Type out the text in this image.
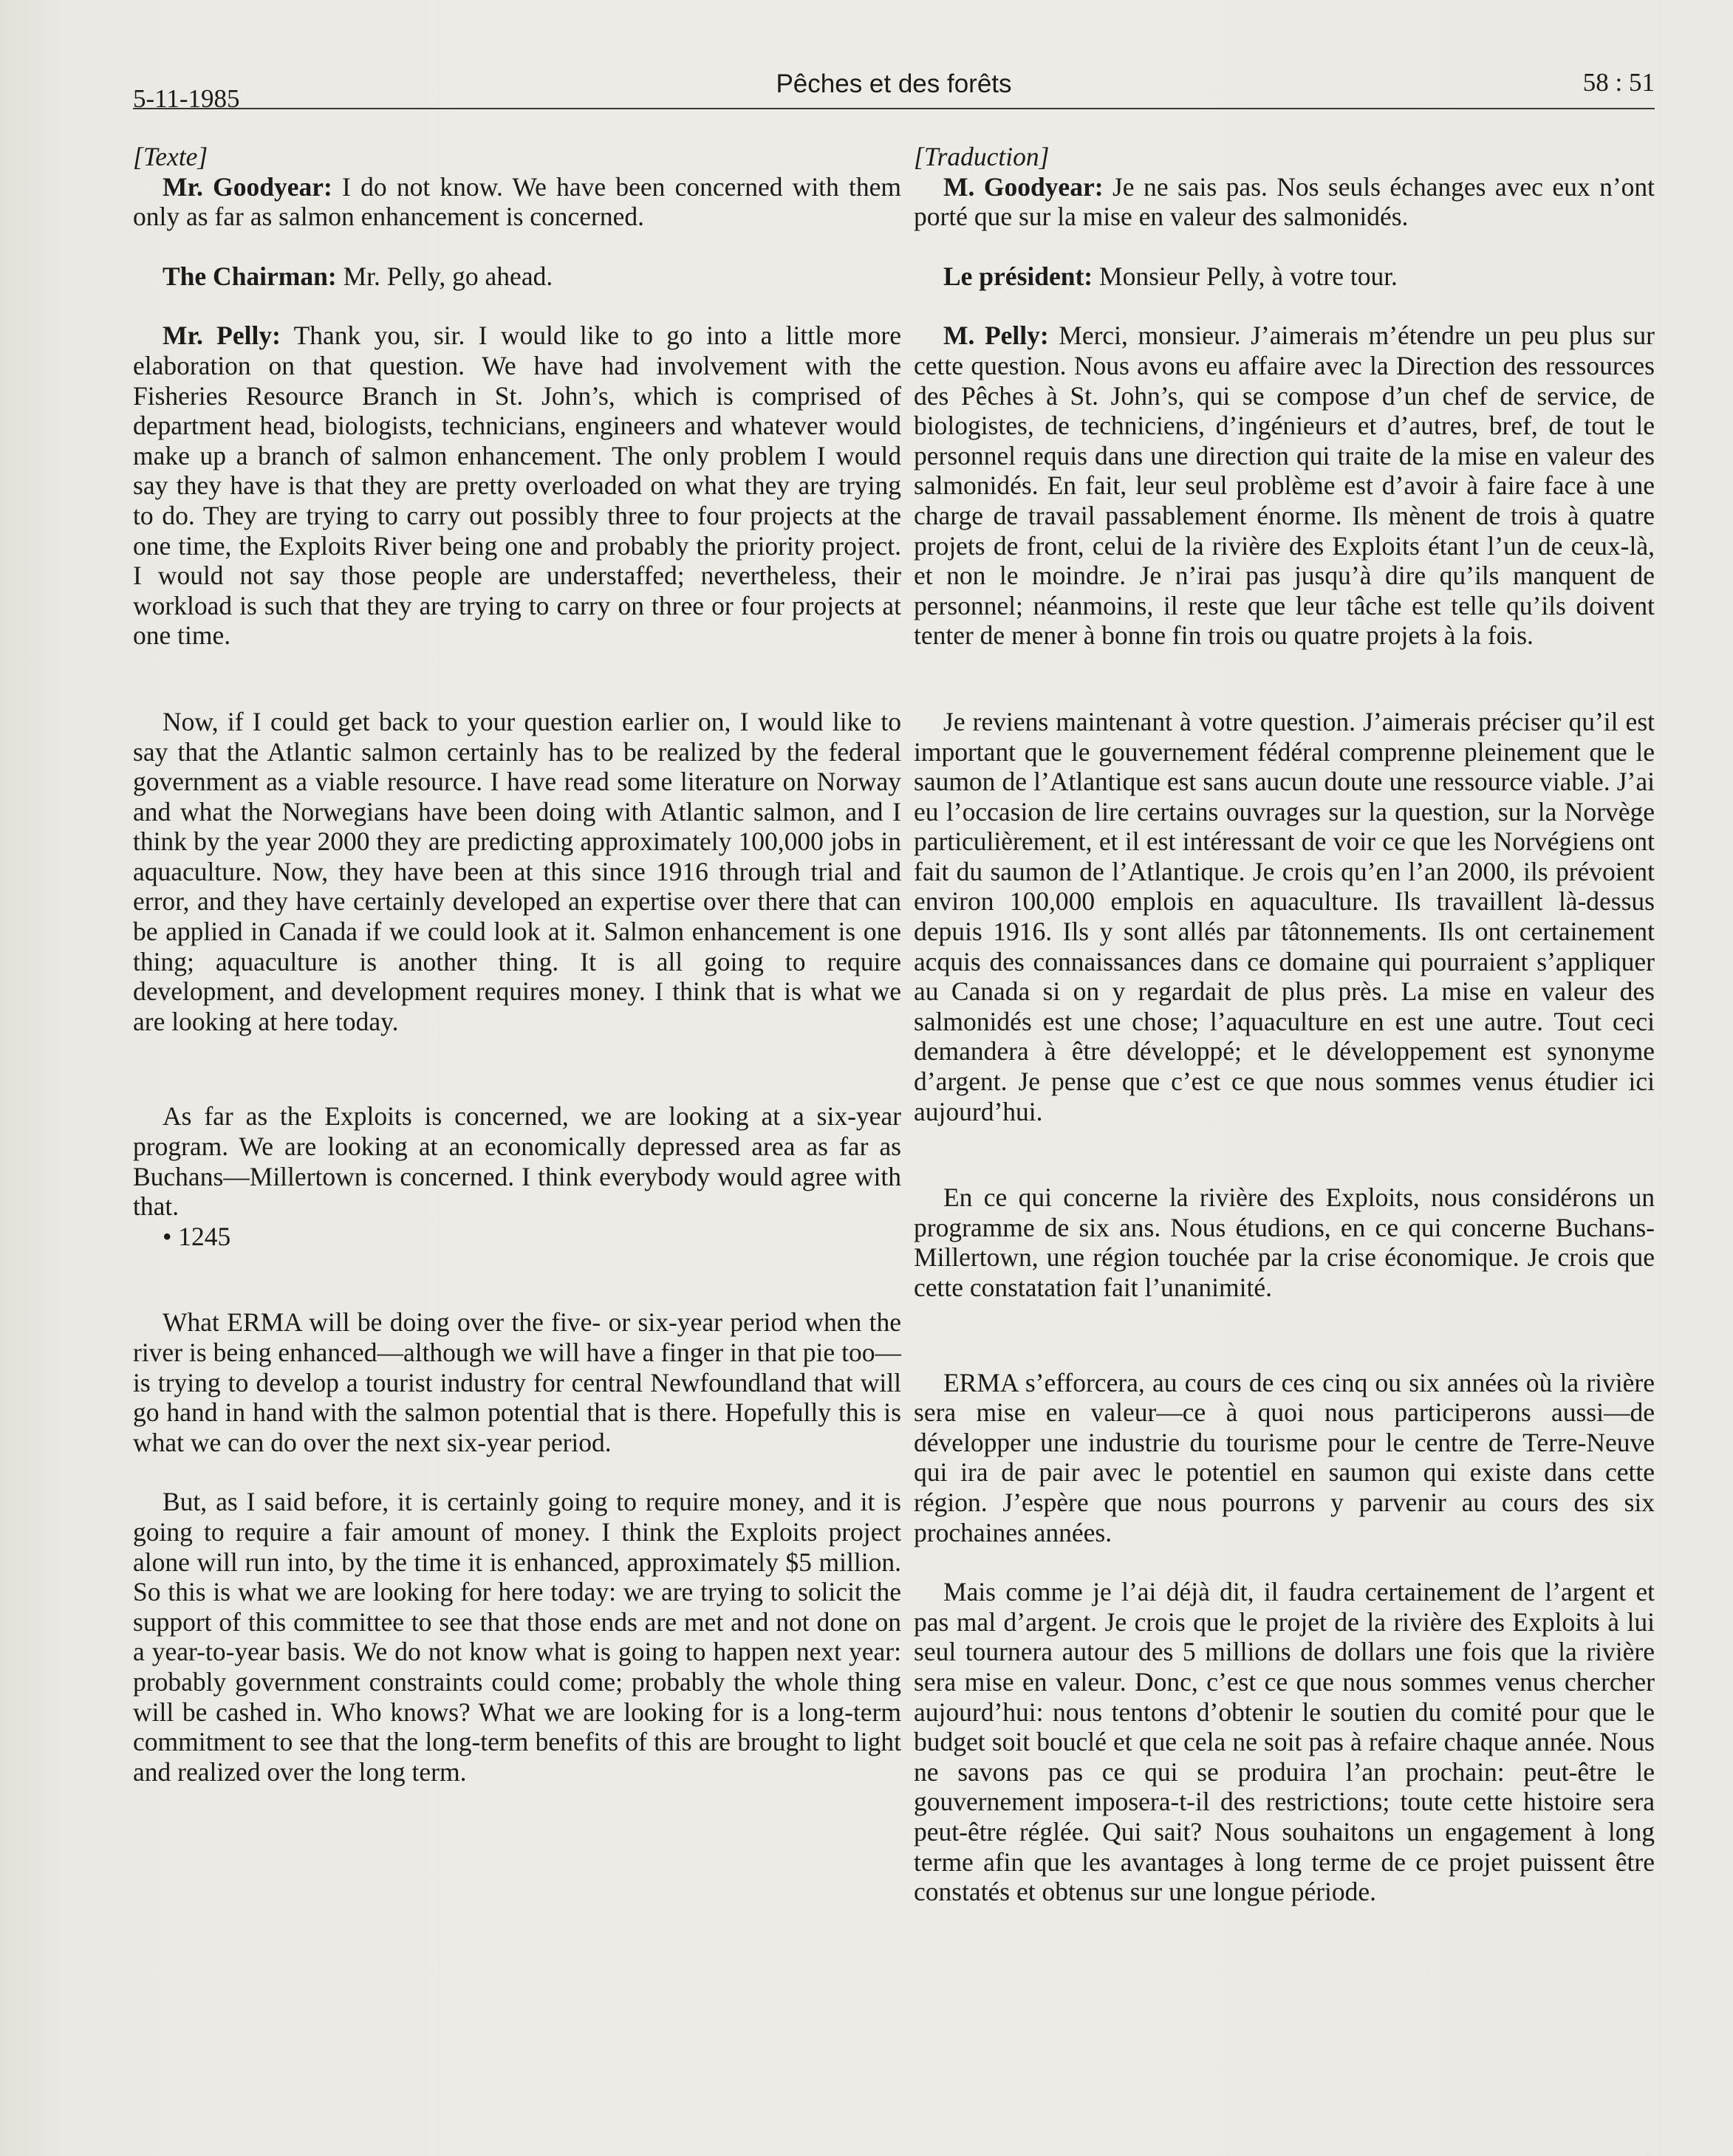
5-11-1985
Pêches et des forêts	58 : 51

[Texte]

Mr. Goodyear: I do not know. We have been concerned with them only as far as salmon enhancement is concerned.

The Chairman: Mr. Pelly, go ahead.

Mr. Pelly: Thank you, sir. I would like to go into a little more elaboration on that question. We have had involvement with the Fisheries Resource Branch in St. John’s, which is comprised of department head, biologists, technicians, engineers and whatever would make up a branch of salmon enhancement. The only problem I would say they have is that they are pretty overloaded on what they are trying to do. They are trying to carry out possibly three to four projects at the one time, the Exploits River being one and probably the priority project. I would not say those people are understaffed; nevertheless, their workload is such that they are trying to carry on three or four projects at one time.

Now, if I could get back to your question earlier on, I would like to say that the Atlantic salmon certainly has to be realized by the federal government as a viable resource. I have read some literature on Norway and what the Norwegians have been doing with Atlantic salmon, and I think by the year 2000 they are predicting approximately 100,000 jobs in aquaculture. Now, they have been at this since 1916 through trial and error, and they have certainly developed an expertise over there that can be applied in Canada if we could look at it. Salmon enhancement is one thing; aquaculture is another thing. It is all going to require development, and development requires money. I think that is what we are looking at here today.

As far as the Exploits is concerned, we are looking at a six-year program. We are looking at an economically depressed area as far as Buchans—Millertown is concerned. I think everybody would agree with that.

• 1245

What ERMA will be doing over the five- or six-year period when the river is being enhanced—although we will have a finger in that pie too—is trying to develop a tourist industry for central Newfoundland that will go hand in hand with the salmon potential that is there. Hopefully this is what we can do over the next six-year period.

But, as I said before, it is certainly going to require money, and it is going to require a fair amount of money. I think the Exploits project alone will run into, by the time it is enhanced, approximately $5 million. So this is what we are looking for here today: we are trying to solicit the support of this committee to see that those ends are met and not done on a year-to-year basis. We do not know what is going to happen next year: probably government constraints could come; probably the whole thing will be cashed in. Who knows? What we are looking for is a long-term commitment to see that the long-term benefits of this are brought to light and realized over the long term.

[Traduction]

M. Goodyear: Je ne sais pas. Nos seuls échanges avec eux n’ont porté que sur la mise en valeur des salmonidés.

Le président: Monsieur Pelly, à votre tour.

M. Pelly: Merci, monsieur. J’aimerais m’étendre un peu plus sur cette question. Nous avons eu affaire avec la Direction des ressources des Pêches à St. John’s, qui se compose d’un chef de service, de biologistes, de techniciens, d’ingénieurs et d’autres, bref, de tout le personnel requis dans une direction qui traite de la mise en valeur des salmonidés. En fait, leur seul problème est d’avoir à faire face à une charge de travail passablement énorme. Ils mènent de trois à quatre projets de front, celui de la rivière des Exploits étant l’un de ceux-là, et non le moindre. Je n’irai pas jusqu’à dire qu’ils manquent de personnel; néanmoins, il reste que leur tâche est telle qu’ils doivent tenter de mener à bonne fin trois ou quatre projets à la fois.

Je reviens maintenant à votre question. J’aimerais préciser qu’il est important que le gouvernement fédéral comprenne pleinement que le saumon de l’Atlantique est sans aucun doute une ressource viable. J’ai eu l’occasion de lire certains ouvrages sur la question, sur la Norvège particulièrement, et il est intéressant de voir ce que les Norvégiens ont fait du saumon de l’Atlantique. Je crois qu’en l’an 2000, ils prévoient environ 100,000 emplois en aquaculture. Ils travaillent là-dessus depuis 1916. Ils y sont allés par tâtonnements. Ils ont certainement acquis des connaissances dans ce domaine qui pourraient s’appliquer au Canada si on y regardait de plus près. La mise en valeur des salmonidés est une chose; l’aquaculture en est une autre. Tout ceci demandera à être développé; et le développement est synonyme d’argent. Je pense que c’est ce que nous sommes venus étudier ici aujourd’hui.

En ce qui concerne la rivière des Exploits, nous considérons un programme de six ans. Nous étudions, en ce qui concerne Buchans-Millertown, une région touchée par la crise économique. Je crois que cette constatation fait l’unanimité.

ERMA s’efforcera, au cours de ces cinq ou six années où la rivière sera mise en valeur—ce à quoi nous participerons aussi—de développer une industrie du tourisme pour le centre de Terre-Neuve qui ira de pair avec le potentiel en saumon qui existe dans cette région. J’espère que nous pourrons y parvenir au cours des six prochaines années.

Mais comme je l’ai déjà dit, il faudra certainement de l’argent et pas mal d’argent. Je crois que le projet de la rivière des Exploits à lui seul tournera autour des 5 millions de dollars une fois que la rivière sera mise en valeur. Donc, c’est ce que nous sommes venus chercher aujourd’hui: nous tentons d’obtenir le soutien du comité pour que le budget soit bouclé et que cela ne soit pas à refaire chaque année. Nous ne savons pas ce qui se produira l’an prochain: peut-être le gouvernement imposera-t-il des restrictions; toute cette histoire sera peut-être réglée. Qui sait? Nous souhaitons un engagement à long terme afin que les avantages à long terme de ce projet puissent être constatés et obtenus sur une longue période.
